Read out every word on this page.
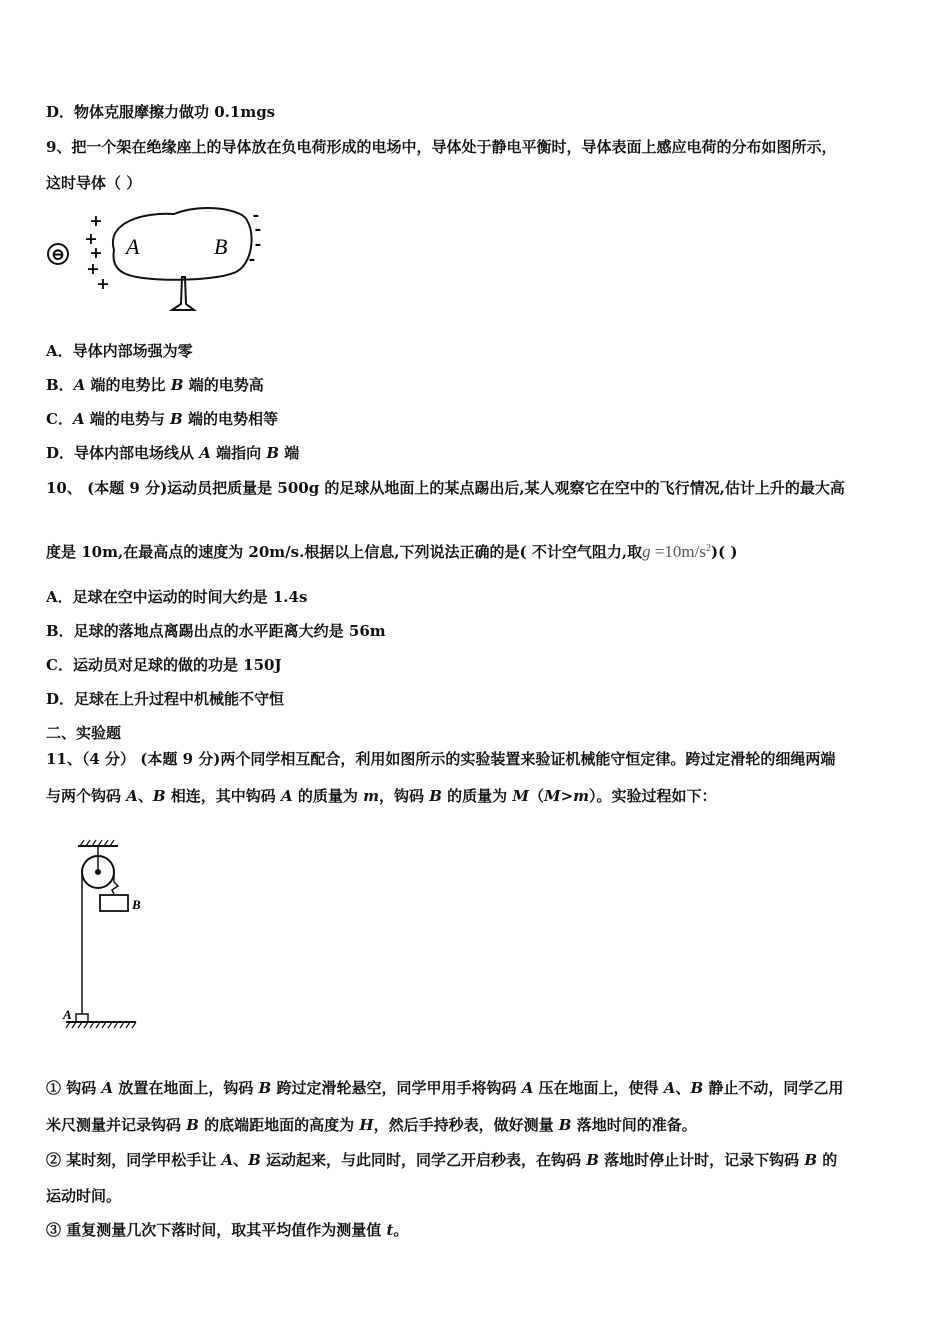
D．物体克服摩擦力做功 0.1mgs
9、把一个架在绝缘座上的导体放在负电荷形成的电场中，导体处于静电平衡时，导体表面上感应电荷的分布如图所示，
这时导体（ ）
⊖
+
+
+
+
+
A	B
-
-
-
-
A．导体内部场强为零
B．A 端的电势比 B 端的电势高
C．A 端的电势与 B 端的电势相等
D．导体内部电场线从 A 端指向 B 端
10、 (本题 9 分)运动员把质量是 500g 的足球从地面上的某点踢出后,某人观察它在空中的飞行情况,估计上升的最大高
度是 10m,在最高点的速度为 20m/s.根据以上信息,下列说法正确的是( 不计空气阻力,取$g =10m/s^2$)( )
A．足球在空中运动的时间大约是 1.4s
B．足球的落地点离踢出点的水平距离大约是 56m
C．运动员对足球的做的功是 150J
D．足球在上升过程中机械能不守恒
二、实验题
11、（4 分） (本题 9 分)两个同学相互配合，利用如图所示的实验装置来验证机械能守恒定律。跨过定滑轮的细绳两端
与两个钩码 A、B 相连，其中钩码 A 的质量为 m，钩码 B 的质量为 M（M>m）。实验过程如下：
B
A
① 钩码 A 放置在地面上，钩码 B 跨过定滑轮悬空，同学甲用手将钩码 A 压在地面上，使得 A、B 静止不动，同学乙用
米尺测量并记录钩码 B 的底端距地面的高度为 H，然后手持秒表，做好测量 B 落地时间的准备。
② 某时刻，同学甲松手让 A、B 运动起来，与此同时，同学乙开启秒表，在钩码 B 落地时停止计时，记录下钩码 B 的
运动时间。
③ 重复测量几次下落时间，取其平均值作为测量值 t。
